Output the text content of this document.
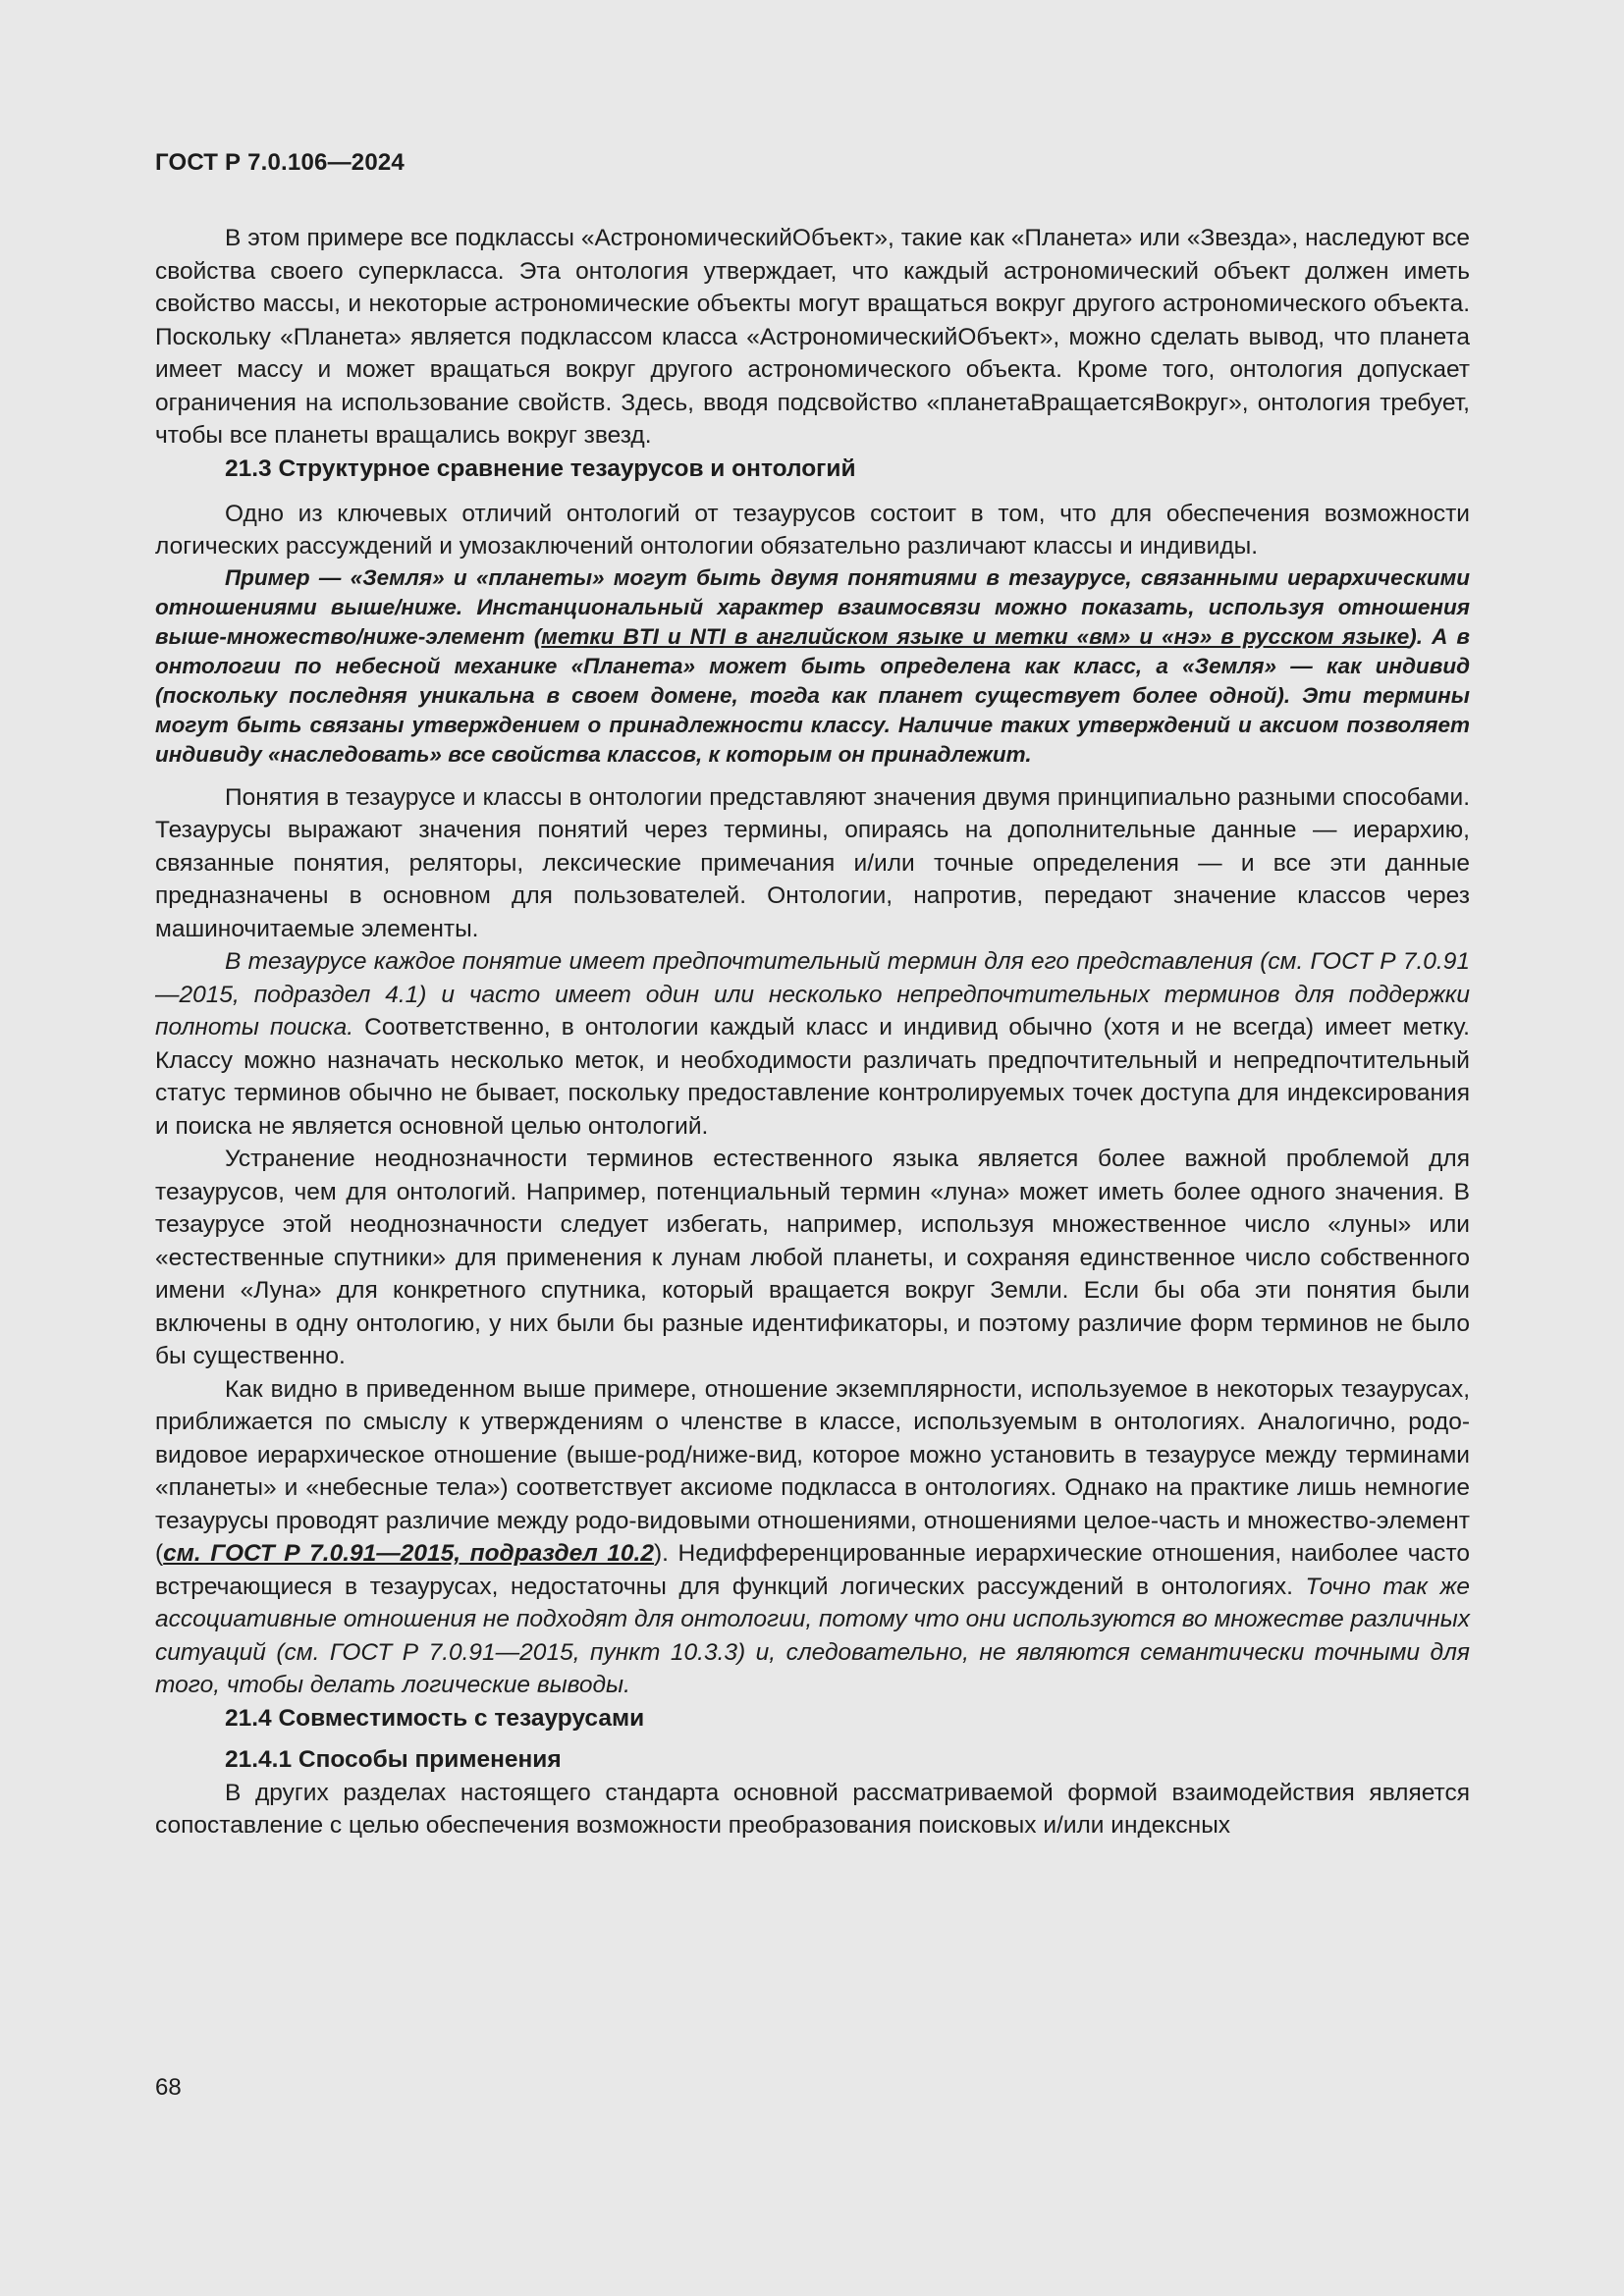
ГОСТ Р 7.0.106—2024

В этом примере все подклассы «АстрономическийОбъект», такие как «Планета» или «Звезда», наследуют все свойства своего суперкласса. Эта онтология утверждает, что каждый астрономический объект должен иметь свойство массы, и некоторые астрономические объекты могут вращаться вокруг другого астрономического объекта. Поскольку «Планета» является подклассом класса «АстрономическийОбъект», можно сделать вывод, что планета имеет массу и может вращаться вокруг другого астрономического объекта. Кроме того, онтология допускает ограничения на использование свойств. Здесь, вводя подсвойство «планетаВращаетсяВокруг», онтология требует, чтобы все планеты вращались вокруг звезд.

21.3 Структурное сравнение тезаурусов и онтологий

Одно из ключевых отличий онтологий от тезаурусов состоит в том, что для обеспечения возможности логических рассуждений и умозаключений онтологии обязательно различают классы и индивиды.

Пример — «Земля» и «планеты» могут быть двумя понятиями в тезаурусе, связанными иерархическими отношениями выше/ниже. Инстанциональный характер взаимосвязи можно показать, используя отношения выше-множество/ниже-элемент (метки BTI и NTI в английском языке и метки «вм» и «нэ» в русском языке). А в онтологии по небесной механике «Планета» может быть определена как класс, а «Земля» — как индивид (поскольку последняя уникальна в своем домене, тогда как планет существует более одной). Эти термины могут быть связаны утверждением о принадлежности классу. Наличие таких утверждений и аксиом позволяет индивиду «наследовать» все свойства классов, к которым он принадлежит.

Понятия в тезаурусе и классы в онтологии представляют значения двумя принципиально разными способами. Тезаурусы выражают значения понятий через термины, опираясь на дополнительные данные — иерархию, связанные понятия, реляторы, лексические примечания и/или точные определения — и все эти данные предназначены в основном для пользователей. Онтологии, напротив, передают значение классов через машиночитаемые элементы.

В тезаурусе каждое понятие имеет предпочтительный термин для его представления (см. ГОСТ Р 7.0.91—2015, подраздел 4.1) и часто имеет один или несколько непредпочтительных терминов для поддержки полноты поиска. Соответственно, в онтологии каждый класс и индивид обычно (хотя и не всегда) имеет метку. Классу можно назначать несколько меток, и необходимости различать предпочтительный и непредпочтительный статус терминов обычно не бывает, поскольку предоставление контролируемых точек доступа для индексирования и поиска не является основной целью онтологий.

Устранение неоднозначности терминов естественного языка является более важной проблемой для тезаурусов, чем для онтологий. Например, потенциальный термин «луна» может иметь более одного значения. В тезаурусе этой неоднозначности следует избегать, например, используя множественное число «луны» или «естественные спутники» для применения к лунам любой планеты, и сохраняя единственное число собственного имени «Луна» для конкретного спутника, который вращается вокруг Земли. Если бы оба эти понятия были включены в одну онтологию, у них были бы разные идентификаторы, и поэтому различие форм терминов не было бы существенно.

Как видно в приведенном выше примере, отношение экземплярности, используемое в некоторых тезаурусах, приближается по смыслу к утверждениям о членстве в классе, используемым в онтологиях. Аналогично, родо-видовое иерархическое отношение (выше-род/ниже-вид, которое можно установить в тезаурусе между терминами «планеты» и «небесные тела») соответствует аксиоме подкласса в онтологиях. Однако на практике лишь немногие тезаурусы проводят различие между родо-видовыми отношениями, отношениями целое-часть и множество-элемент (см. ГОСТ Р 7.0.91—2015, подраздел 10.2). Недифференцированные иерархические отношения, наиболее часто встречающиеся в тезаурусах, недостаточны для функций логических рассуждений в онтологиях. Точно так же ассоциативные отношения не подходят для онтологии, потому что они используются во множестве различных ситуаций (см. ГОСТ Р 7.0.91—2015, пункт 10.3.3) и, следовательно, не являются семантически точными для того, чтобы делать логические выводы.

21.4 Совместимость с тезаурусами

21.4.1 Способы применения

В других разделах настоящего стандарта основной рассматриваемой формой взаимодействия является сопоставление с целью обеспечения возможности преобразования поисковых и/или индексных

68
